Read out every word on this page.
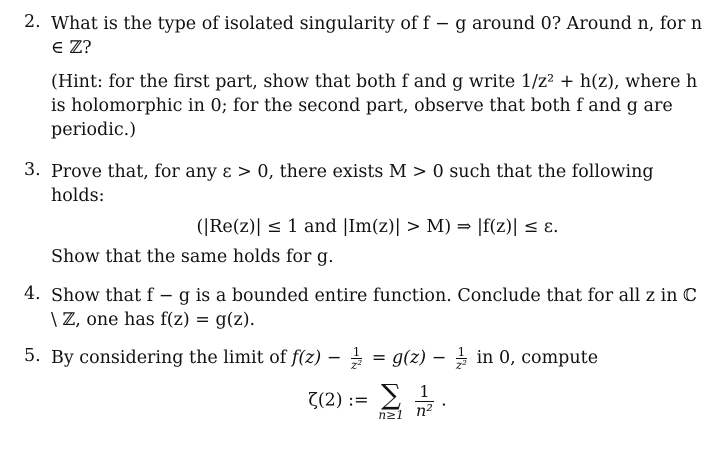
2. What is the type of isolated singularity of f − g around 0? Around n, for n ∈ ℤ?

(Hint: for the first part, show that both f and g write 1/z² + h(z), where h is holomorphic in 0; for the second part, observe that both f and g are periodic.)

3. Prove that, for any ε > 0, there exists M > 0 such that the following holds:

(|Re(z)| ≤ 1 and |Im(z)| > M) ⇒ |f(z)| ≤ ε.

Show that the same holds for g.

4. Show that f − g is a bounded entire function. Conclude that for all z in ℂ \ ℤ, one has f(z) = g(z).

5. By considering the limit of $f(z) - \frac{1}{\text{z²}} = g(z) - \frac{1}{\text{z²}}$ in 0, compute

ζ(2) := ∑
n≥1
$\frac{1}{\text{n²}}$ .
